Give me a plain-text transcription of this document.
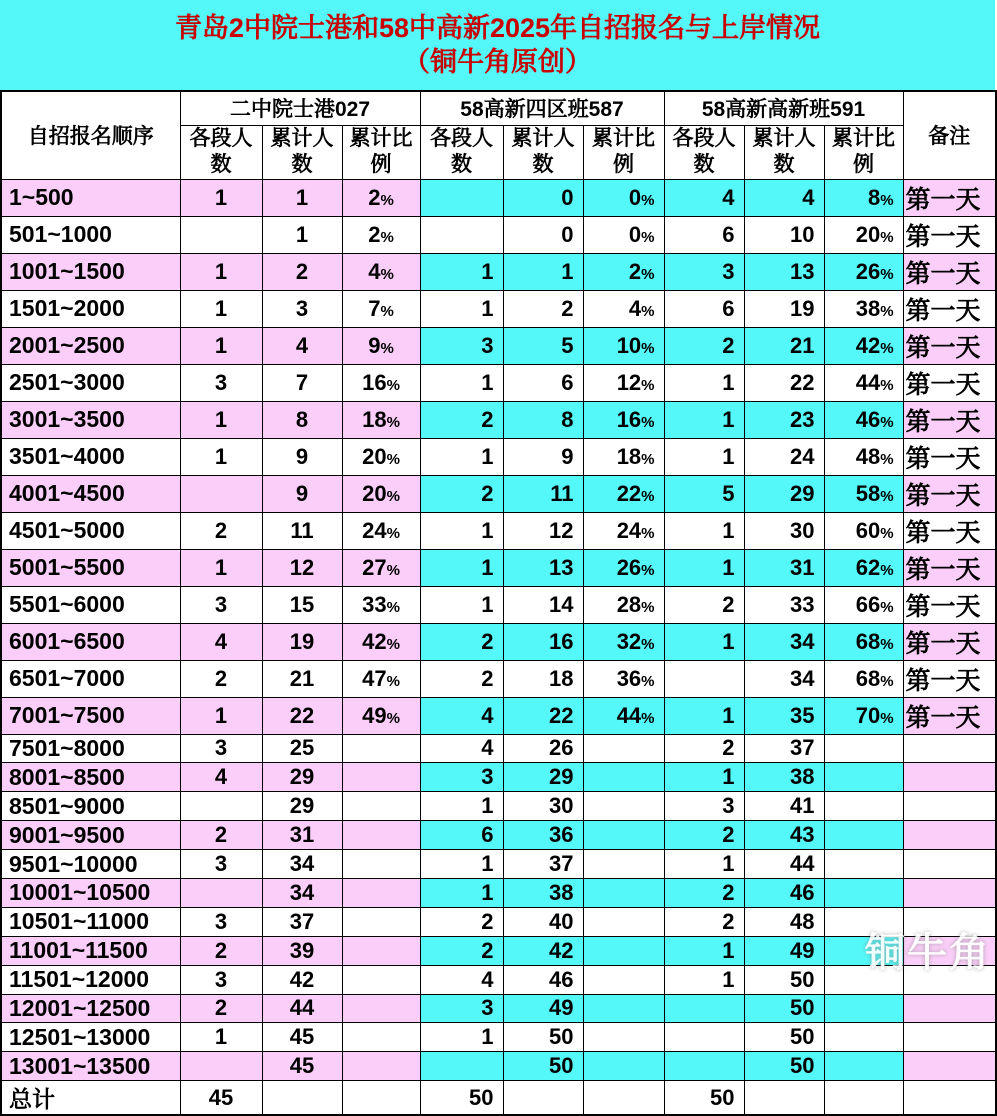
青岛2中院士港和58中高新2025年自招报名与上岸情况
（铜牛角原创）
自招报名顺序	二中院士港027			58高新四区班587			58高新高新班591			备注
	各段人数	累计人数	累计比例	各段人数	累计人数	累计比例	各段人数	累计人数	累计比例	
1~500	1	1	2%		0	0%	4	4	8%	第一天
501~1000		1	2%		0	0%	6	10	20%	第一天
1001~1500	1	2	4%	1	1	2%	3	13	26%	第一天
1501~2000	1	3	7%	1	2	4%	6	19	38%	第一天
2001~2500	1	4	9%	3	5	10%	2	21	42%	第一天
2501~3000	3	7	16%	1	6	12%	1	22	44%	第一天
3001~3500	1	8	18%	2	8	16%	1	23	46%	第一天
3501~4000	1	9	20%	1	9	18%	1	24	48%	第一天
4001~4500		9	20%	2	11	22%	5	29	58%	第一天
4501~5000	2	11	24%	1	12	24%	1	30	60%	第一天
5001~5500	1	12	27%	1	13	26%	1	31	62%	第一天
5501~6000	3	15	33%	1	14	28%	2	33	66%	第一天
6001~6500	4	19	42%	2	16	32%	1	34	68%	第一天
6501~7000	2	21	47%	2	18	36%		34	68%	第一天
7001~7500	1	22	49%	4	22	44%	1	35	70%	第一天
7501~8000	3	25		4	26		2	37		
8001~8500	4	29		3	29		1	38		
8501~9000		29		1	30		3	41		
9001~9500	2	31		6	36		2	43		
9501~10000	3	34		1	37		1	44		
10001~10500		34		1	38		2	46		
10501~11000	3	37		2	40		2	48		
11001~11500	2	39		2	42		1	49		
11501~12000	3	42		4	46		1	50		
12001~12500	2	44		3	49			50		
12501~13000	1	45		1	50			50		
13001~13500		45			50			50		
总计	45			50			50			
铜牛角
